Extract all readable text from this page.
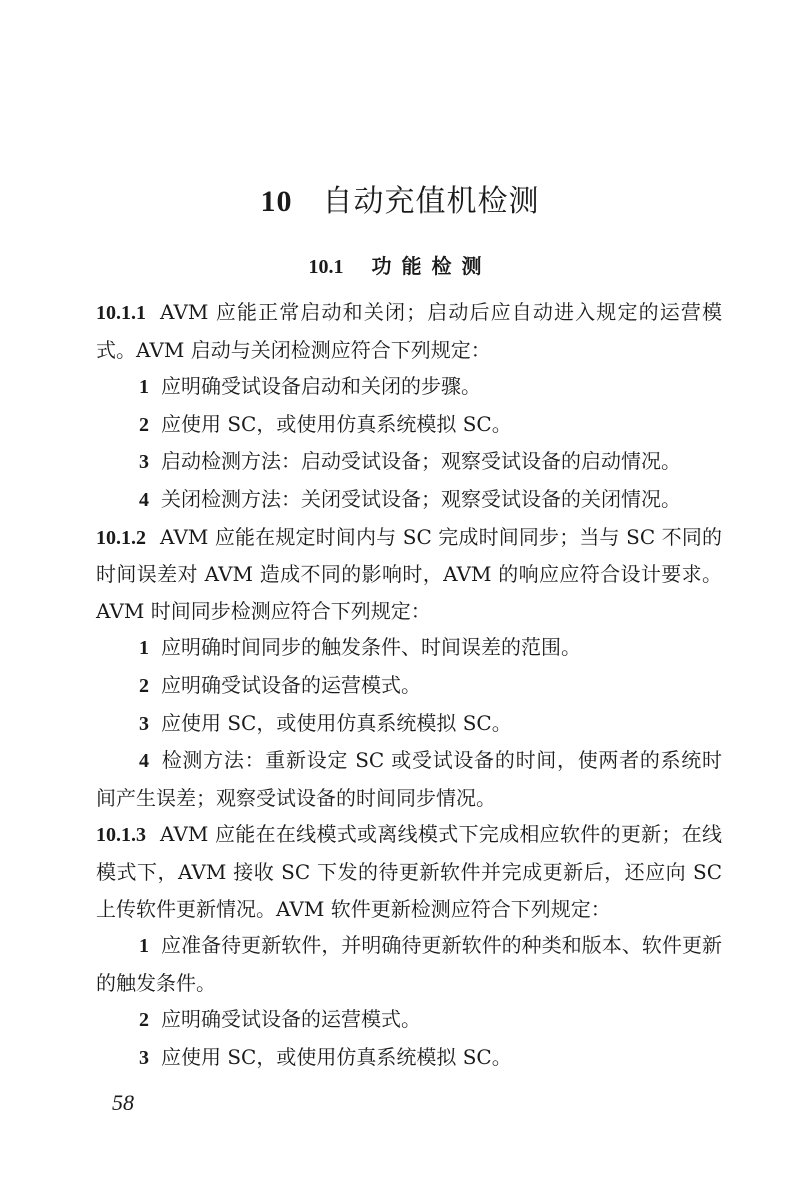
10 自动充值机检测
10.1 功能检测

10.1.1 AVM 应能正常启动和关闭；启动后应自动进入规定的运营模式。AVM 启动与关闭检测应符合下列规定：

1 应明确受试设备启动和关闭的步骤。

2 应使用 SC，或使用仿真系统模拟 SC。

3 启动检测方法：启动受试设备；观察受试设备的启动情况。

4 关闭检测方法：关闭受试设备；观察受试设备的关闭情况。

10.1.2 AVM 应能在规定时间内与 SC 完成时间同步；当与 SC 不同的时间误差对 AVM 造成不同的影响时，AVM 的响应应符合设计要求。AVM 时间同步检测应符合下列规定：

1 应明确时间同步的触发条件、时间误差的范围。

2 应明确受试设备的运营模式。

3 应使用 SC，或使用仿真系统模拟 SC。

4 检测方法：重新设定 SC 或受试设备的时间，使两者的系统时间产生误差；观察受试设备的时间同步情况。

10.1.3 AVM 应能在在线模式或离线模式下完成相应软件的更新；在线模式下，AVM 接收 SC 下发的待更新软件并完成更新后，还应向 SC 上传软件更新情况。AVM 软件更新检测应符合下列规定：

1 应准备待更新软件，并明确待更新软件的种类和版本、软件更新的触发条件。

2 应明确受试设备的运营模式。

3 应使用 SC，或使用仿真系统模拟 SC。

58
